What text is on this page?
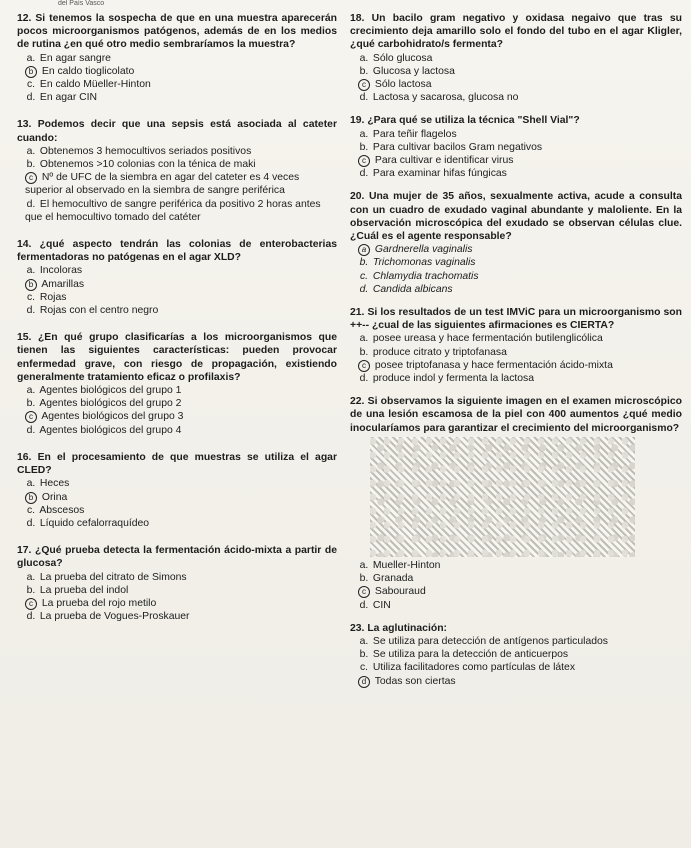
del País Vasco
12. Si tenemos la sospecha de que en una muestra aparecerán pocos microorganismos patógenos, además de en los medios de rutina ¿en qué otro medio sembraríamos la muestra?
a. En agar sangre
b En caldo tioglicolato
c. En caldo Müeller-Hinton
d. En agar CIN
13. Podemos decir que una sepsis está asociada al cateter cuando:
a. Obtenemos 3 hemocultivos seriados positivos
b. Obtenemos >10 colonias con la ténica de maki
c Nº de UFC de la siembra en agar del cateter es 4 veces superior al observado en la siembra de sangre periférica
d. El hemocultivo de sangre periférica da positivo 2 horas antes que el hemocultivo tomado del catéter
14. ¿qué aspecto tendrán las colonias de enterobacterias fermentadoras no patógenas en el agar XLD?
a. Incoloras
b Amarillas
c. Rojas
d. Rojas con el centro negro
15. ¿En qué grupo clasificarías a los microorganismos que tienen las siguientes características: pueden provocar enfermedad grave, con riesgo de propagación, existiendo generalmente tratamiento eficaz o profilaxis?
a. Agentes biológicos del grupo 1
b. Agentes biológicos del grupo 2
c Agentes biológicos del grupo 3
d. Agentes biológicos del grupo 4
16. En el procesamiento de que muestras se utiliza el agar CLED?
a. Heces
b Orina
c. Abscesos
d. Líquido cefalorraquídeo
17. ¿Qué prueba detecta la fermentación ácido-mixta a partir de glucosa?
a. La prueba del citrato de Simons
b. La prueba del indol
c La prueba del rojo metilo
d. La prueba de Vogues-Proskauer
18. Un bacilo gram negativo y oxidasa negaivo que tras su crecimiento deja amarillo solo el fondo del tubo en el agar Kligler, ¿qué carbohidrato/s fermenta?
a. Sólo glucosa
b. Glucosa y lactosa
c Sólo lactosa
d. Lactosa y sacarosa, glucosa no
19. ¿Para qué se utiliza la técnica "Shell Vial"?
a. Para teñir flagelos
b. Para cultivar bacilos Gram negativos
c Para cultivar e identificar virus
d. Para examinar hifas fúngicas
20. Una mujer de 35 años, sexualmente activa, acude a consulta con un cuadro de exudado vaginal abundante y maloliente. En la observación microscópica del exudado se observan células clue. ¿Cuál es el agente responsable?
a Gardnerella vaginalis
b. Trichomonas vaginalis
c. Chlamydia trachomatis
d. Candida albicans
21. Si los resultados de un test IMViC para un microorganismo son ++-- ¿cual de las siguientes afirmaciones es CIERTA?
a. posee ureasa y hace fermentación butilenglicólica
b. produce citrato y triptofanasa
c posee triptofanasa y hace fermentación ácido-mixta
d. produce indol y fermenta la lactosa
22. Si observamos la siguiente imagen en el examen microscópico de una lesión escamosa de la piel con 400 aumentos ¿qué medio inocularíamos para garantizar el crecimiento del microorganismo?
a. Mueller-Hinton
b. Granada
c Sabouraud
d. CIN
23. La aglutinación:
a. Se utiliza para detección de antígenos particulados
b. Se utiliza para la detección de anticuerpos
c. Utiliza facilitadores como partículas de látex
d Todas son ciertas
